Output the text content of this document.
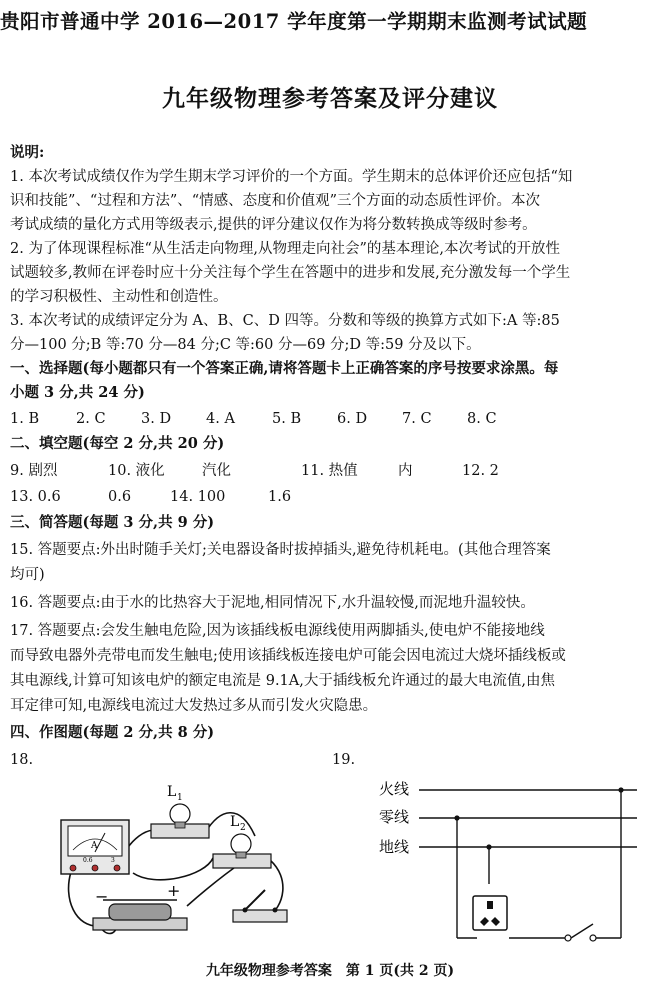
贵阳市普通中学 2016—2017 学年度第一学期期末监测考试试题
九年级物理参考答案及评分建议
说明:
1. 本次考试成绩仅作为学生期末学习评价的一个方面。学生期末的总体评价还应包括“知
识和技能”、“过程和方法”、“情感、态度和价值观”三个方面的动态质性评价。本次
考试成绩的量化方式用等级表示,提供的评分建议仅作为将分数转换成等级时参考。
2. 为了体现课程标准“从生活走向物理,从物理走向社会”的基本理论,本次考试的开放性
试题较多,教师在评卷时应十分关注每个学生在答题中的进步和发展,充分激发每一个学生
的学习积极性、主动性和创造性。
3. 本次考试的成绩评定分为 A、B、C、D 四等。分数和等级的换算方式如下:A 等:85
分—100 分;B 等:70 分—84 分;C 等:60 分—69 分;D 等:59 分及以下。
一、选择题(每小题都只有一个答案正确,请将答题卡上正确答案的序号按要求涂黑。每
小题 3 分,共 24 分)
1. B	2. C 3. D 4. A	5. B 6. D 7. C 8. C
二、填空题(每空 2 分,共 20 分)
9. 剧烈	10. 液化	汽化	11. 热值	内	12. 2
13. 0.6	0.6	14. 100	1.6
三、简答题(每题 3 分,共 9 分)
15. 答题要点:外出时随手关灯;关电器设备时拔掉插头,避免待机耗电。(其他合理答案
均可)
16. 答题要点:由于水的比热容大于泥地,相同情况下,水升温较慢,而泥地升温较快。
17. 答题要点:会发生触电危险,因为该插线板电源线使用两脚插头,使电炉不能接地线
而导致电器外壳带电而发生触电;使用该插线板连接电炉可能会因电流过大烧坏插线板或
其电源线,计算可知该电炉的额定电流是 9.1A,大于插线板允许通过的最大电流值,由焦
耳定律可知,电源线电流过大发热过多从而引发火灾隐患。
四、作图题(每题 2 分,共 8 分)
18.	19.
A
0.6	3
L 1
L 2
−	+
火线
零线
地线
九年级物理参考答案　第 1 页(共 2 页)
